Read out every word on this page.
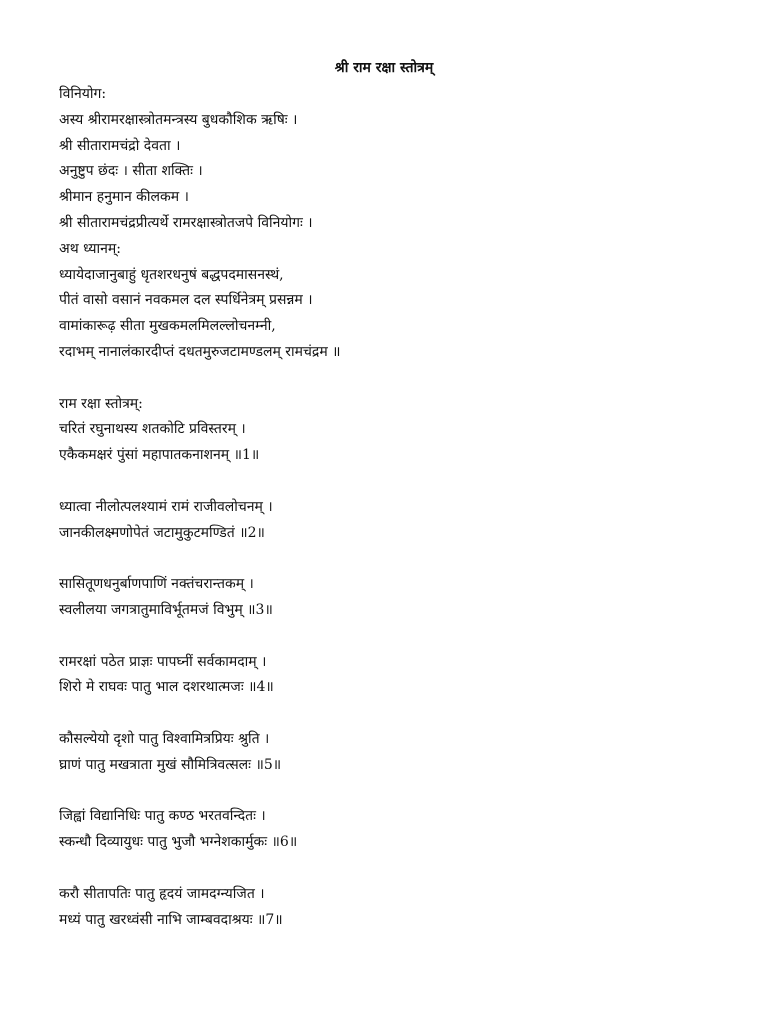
श्री राम रक्षा स्तोत्रम्
विनियोग:
अस्य श्रीरामरक्षास्त्रोतमन्त्रस्य बुधकौशिक ऋषिः ।
श्री सीतारामचंद्रो देवता ।
अनुष्टुप छंदः । सीता शक्तिः ।
श्रीमान हनुमान कीलकम ।
श्री सीतारामचंद्रप्रीत्यर्थे रामरक्षास्त्रोतजपे विनियोगः ।
अथ ध्यानम्:
ध्यायेदाजानुबाहुं धृतशरधनुषं बद्धपदमासनस्थं,
पीतं वासो वसानं नवकमल दल स्पर्धिनेत्रम् प्रसन्नम ।
वामांकारूढ़ सीता मुखकमलमिलल्लोचनम्नी,
रदाभम् नानालंकारदीप्तं दधतमुरुजटामण्डलम् रामचंद्रम ॥
राम रक्षा स्तोत्रम्:
चरितं रघुनाथस्य शतकोटि प्रविस्तरम् ।
एकैकमक्षरं पुंसां महापातकनाशनम् ॥1॥
ध्यात्वा नीलोत्पलश्यामं रामं राजीवलोचनम् ।
जानकीलक्ष्मणोपेतं जटामुकुटमण्डितं ॥2॥
सासितूणधनुर्बाणपाणिं नक्तंचरान्तकम् ।
स्वलीलया जगत्रातुमाविर्भूतमजं विभुम् ॥3॥
रामरक्षां पठेत प्राज्ञः पापघ्नीं सर्वकामदाम् ।
शिरो मे राघवः पातु भाल दशरथात्मजः ॥4॥
कौसल्येयो दृशो पातु विश्वामित्रप्रियः श्रुति ।
घ्राणं पातु मखत्राता मुखं सौमित्रिवत्सलः ॥5॥
जिह्वां विद्यानिधिः पातु कण्ठ भरतवन्दितः ।
स्कन्धौ दिव्यायुधः पातु भुजौ भग्नेशकार्मुकः ॥6॥
करौ सीतापतिः पातु हृदयं जामदग्न्यजित ।
मध्यं पातु खरध्वंसी नाभि जाम्बवदाश्रयः ॥7॥
